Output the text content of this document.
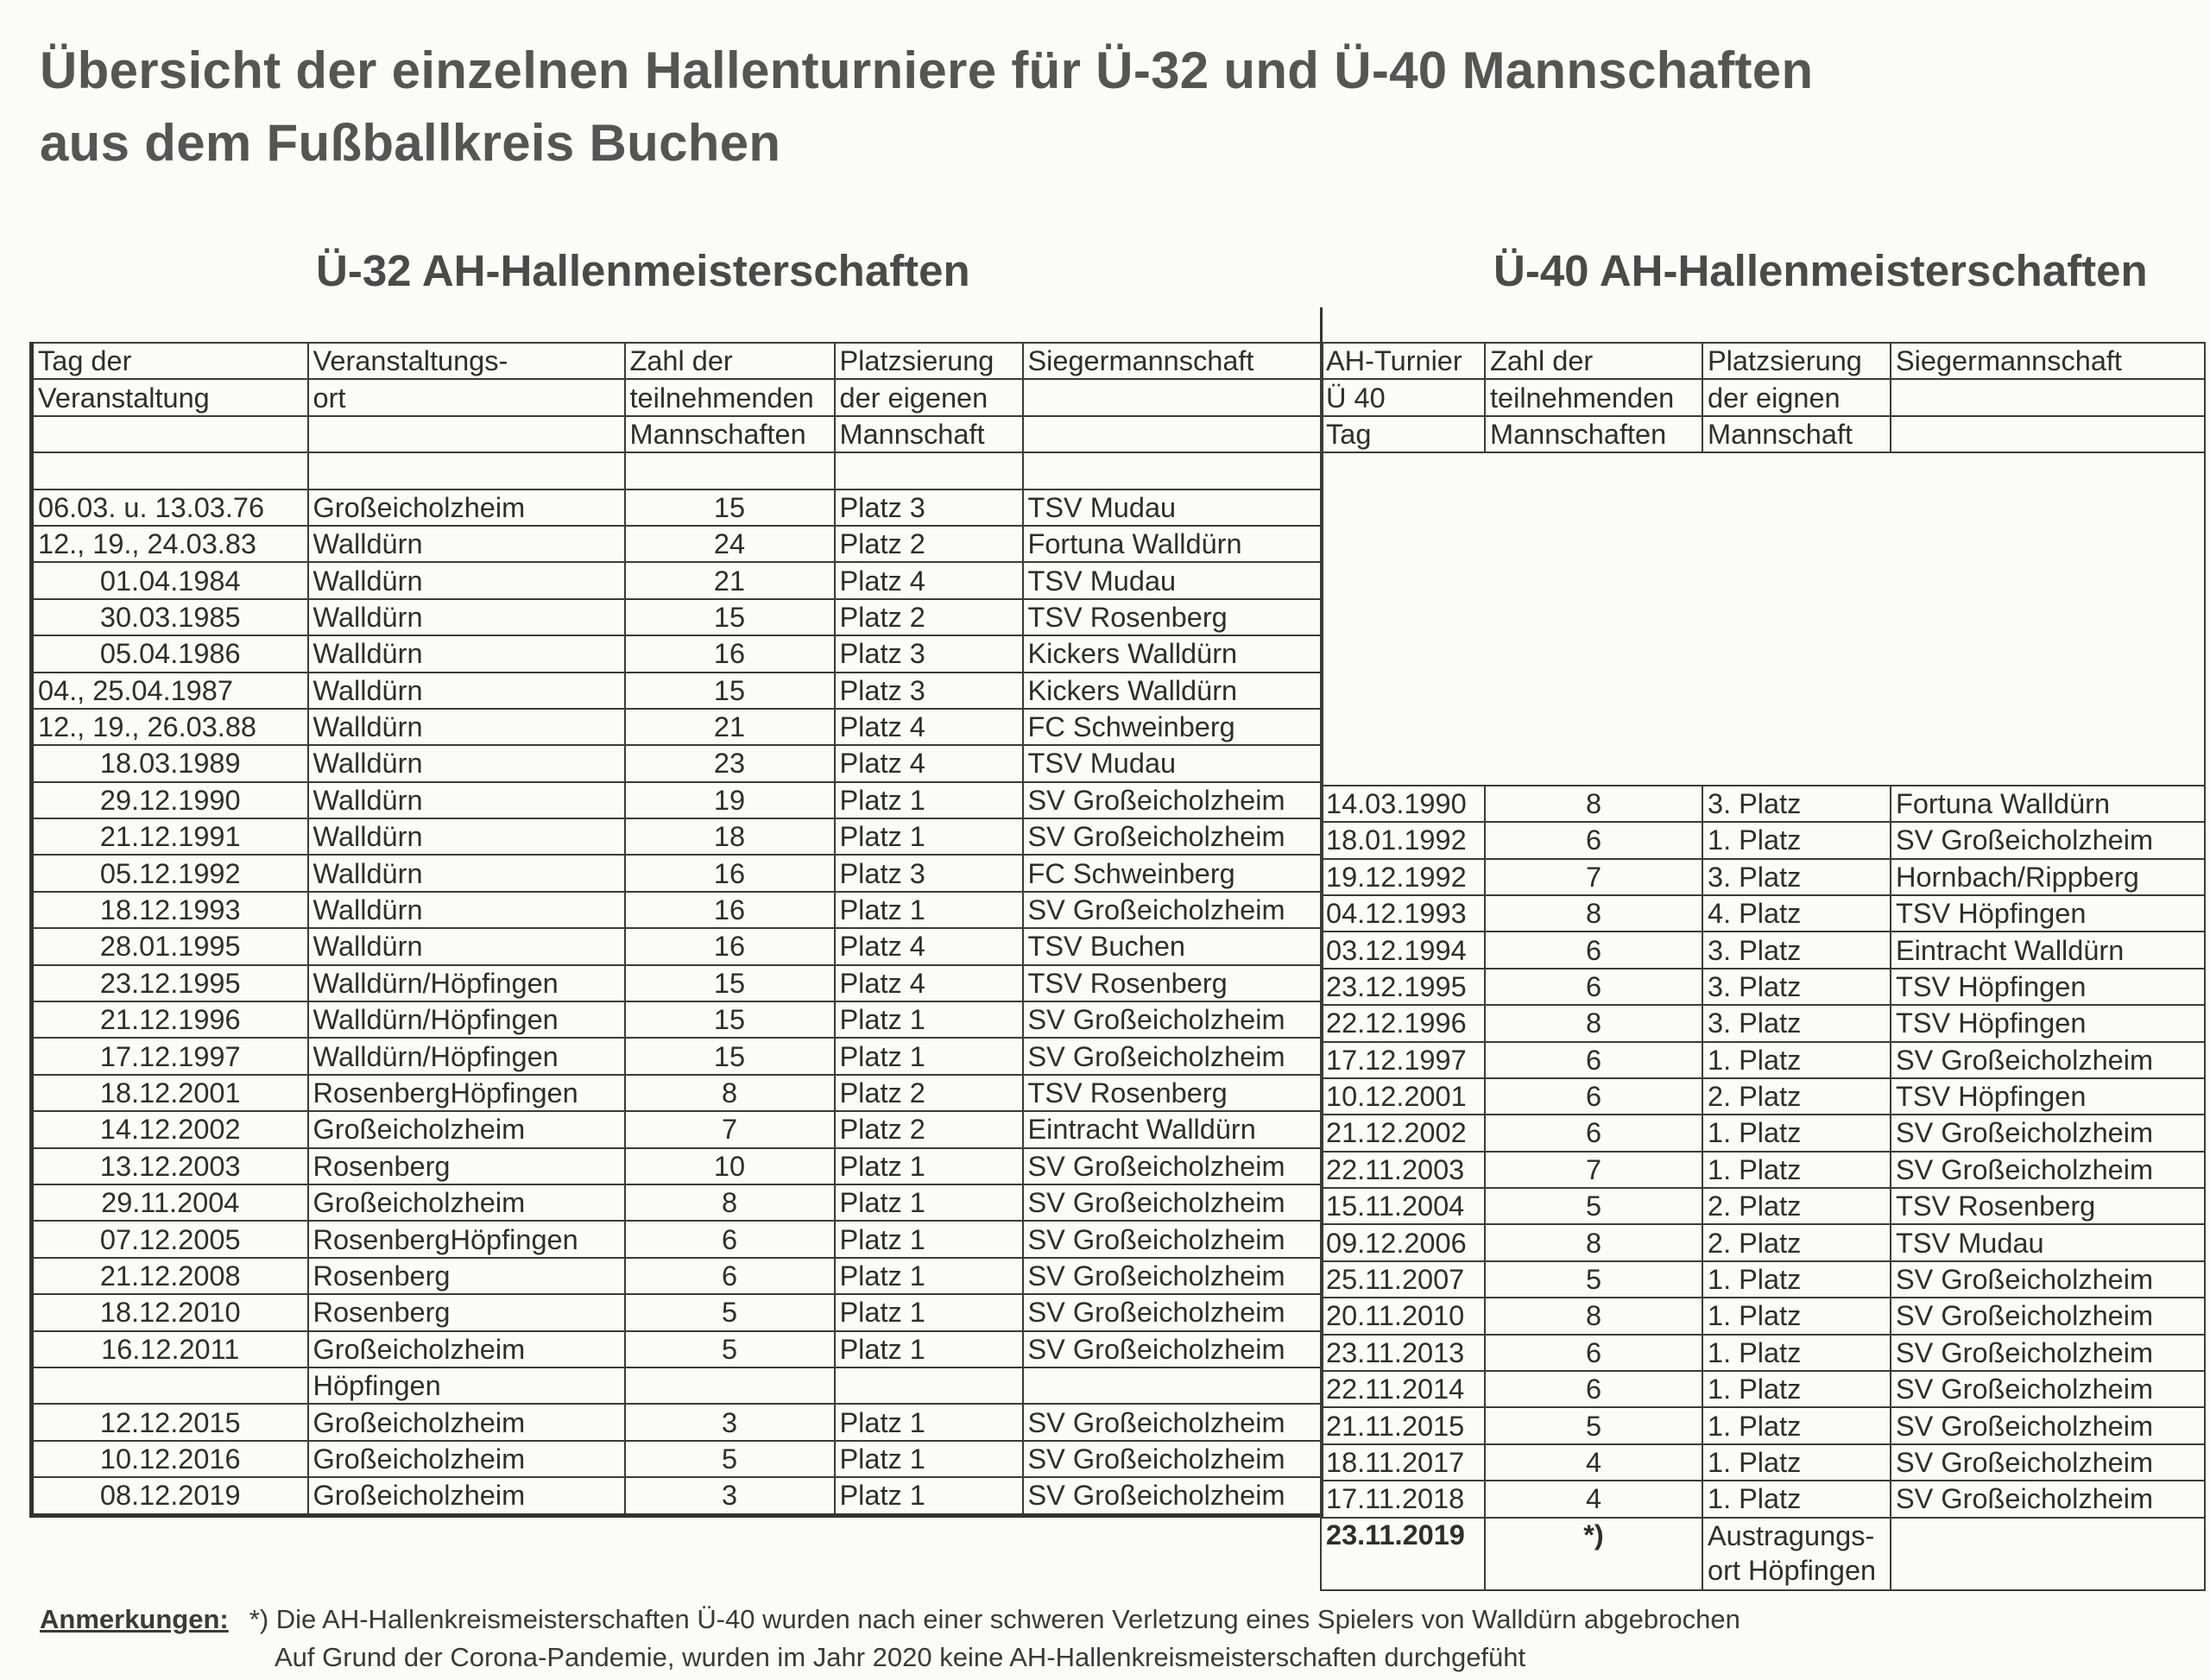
Übersicht der einzelnen Hallenturniere für Ü-32 und Ü-40 Mannschaften
aus dem Fußballkreis Buchen
Ü-32 AH-Hallenmeisterschaften	Ü-40 AH-Hallenmeisterschaften
Tag der	Veranstaltungs-	Zahl der	Platzsierung	Siegermannschaft
Veranstaltung	ort	teilnehmenden	der eigenen	
		Mannschaften	Mannschaft	

06.03. u. 13.03.76	Großeicholzheim	15	Platz 3	TSV Mudau
12., 19., 24.03.83	Walldürn	24	Platz 2	Fortuna Walldürn
01.04.1984	Walldürn	21	Platz 4	TSV Mudau
30.03.1985	Walldürn	15	Platz 2	TSV Rosenberg
05.04.1986	Walldürn	16	Platz 3	Kickers Walldürn
04., 25.04.1987	Walldürn	15	Platz 3	Kickers Walldürn
12., 19., 26.03.88	Walldürn	21	Platz 4	FC Schweinberg
18.03.1989	Walldürn	23	Platz 4	TSV Mudau
29.12.1990	Walldürn	19	Platz 1	SV Großeicholzheim
21.12.1991	Walldürn	18	Platz 1	SV Großeicholzheim
05.12.1992	Walldürn	16	Platz 3	FC Schweinberg
18.12.1993	Walldürn	16	Platz 1	SV Großeicholzheim
28.01.1995	Walldürn	16	Platz 4	TSV Buchen
23.12.1995	Walldürn/Höpfingen	15	Platz 4	TSV Rosenberg
21.12.1996	Walldürn/Höpfingen	15	Platz 1	SV Großeicholzheim
17.12.1997	Walldürn/Höpfingen	15	Platz 1	SV Großeicholzheim
18.12.2001	RosenbergHöpfingen	8	Platz 2	TSV Rosenberg
14.12.2002	Großeicholzheim	7	Platz 2	Eintracht Walldürn
13.12.2003	Rosenberg	10	Platz 1	SV Großeicholzheim
29.11.2004	Großeicholzheim	8	Platz 1	SV Großeicholzheim
07.12.2005	RosenbergHöpfingen	6	Platz 1	SV Großeicholzheim
21.12.2008	Rosenberg	6	Platz 1	SV Großeicholzheim
18.12.2010	Rosenberg	5	Platz 1	SV Großeicholzheim
16.12.2011	Großeicholzheim	5	Platz 1	SV Großeicholzheim
	Höpfingen			
12.12.2015	Großeicholzheim	3	Platz 1	SV Großeicholzheim
10.12.2016	Großeicholzheim	5	Platz 1	SV Großeicholzheim
08.12.2019	Großeicholzheim	3	Platz 1	SV Großeicholzheim
AH-Turnier	Zahl der	Platzsierung	Siegermannschaft
Ü 40	teilnehmenden	der eignen	
Tag	Mannschaften	Mannschaft	

14.03.1990	8	3. Platz	Fortuna Walldürn
18.01.1992	6	1. Platz	SV Großeicholzheim
19.12.1992	7	3. Platz	Hornbach/Rippberg
04.12.1993	8	4. Platz	TSV Höpfingen
03.12.1994	6	3. Platz	Eintracht Walldürn
23.12.1995	6	3. Platz	TSV Höpfingen
22.12.1996	8	3. Platz	TSV Höpfingen
17.12.1997	6	1. Platz	SV Großeicholzheim
10.12.2001	6	2. Platz	TSV Höpfingen
21.12.2002	6	1. Platz	SV Großeicholzheim
22.11.2003	7	1. Platz	SV Großeicholzheim
15.11.2004	5	2. Platz	TSV Rosenberg
09.12.2006	8	2. Platz	TSV Mudau
25.11.2007	5	1. Platz	SV Großeicholzheim
20.11.2010	8	1. Platz	SV Großeicholzheim
23.11.2013	6	1. Platz	SV Großeicholzheim
22.11.2014	6	1. Platz	SV Großeicholzheim
21.11.2015	5	1. Platz	SV Großeicholzheim
18.11.2017	4	1. Platz	SV Großeicholzheim
17.11.2018	4	1. Platz	SV Großeicholzheim
23.11.2019	*)	Austragungs-
ort Höpfingen	

Anmerkungen: *) Die AH-Hallenkreismeisterschaften Ü-40 wurden nach einer schweren Verletzung eines Spielers von Walldürn abgebrochen
Auf Grund der Corona-Pandemie, wurden im Jahr 2020 keine AH-Hallenkreismeisterschaften durchgefüht
